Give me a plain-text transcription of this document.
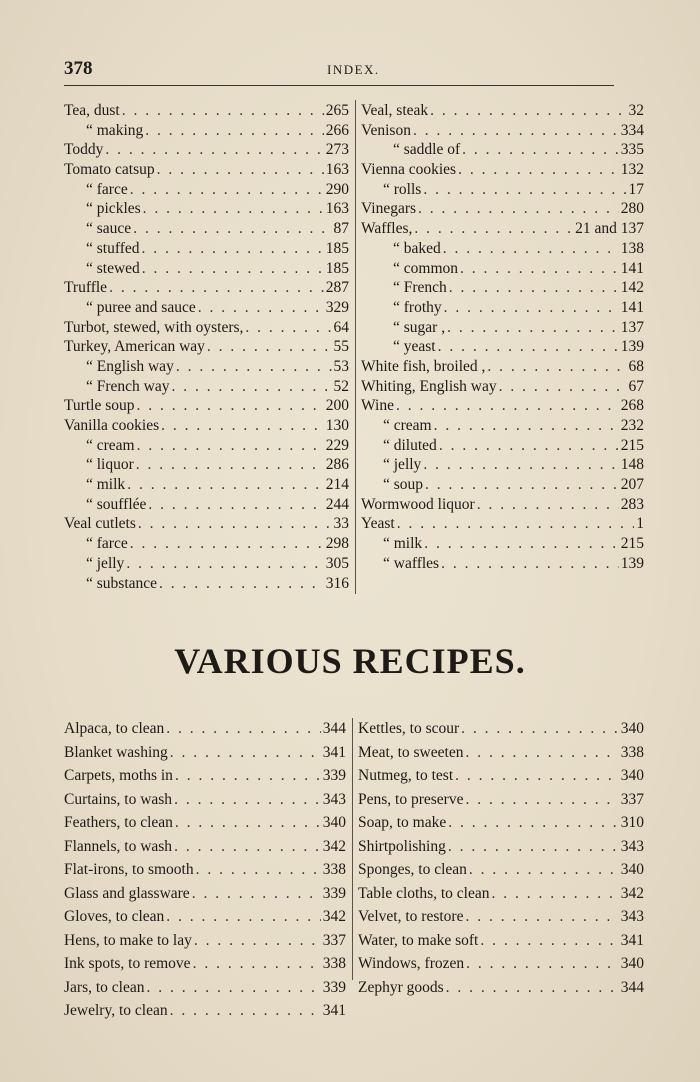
378	INDEX.
Tea, dust . . .	265
“ making . . .	266
Toddy . . .	273
Tomato catsup . . .	163
“ farce . . .	290
“ pickles . . .	163
“ sauce . . .	87
“ stuffed . . .	185
“ stewed . . .	185
Truffle . . .	287
“ puree and sauce . . .	329
Turbot, stewed, with oysters, . . .	64
Turkey, American way . . .	55
“ English way . . .	53
“ French way . . .	52
Turtle soup . . .	200
Vanilla cookies . . .	130
“ cream . . .	229
“ liquor . . .	286
“ milk . . .	214
“ soufflée . . .	244
Veal cutlets . . .	33
“ farce . . .	298
“ jelly . . .	305
“ substance . . .	316
Veal, steak . . .	32
Venison . . .	334
“ saddle of . . .	335
Vienna cookies . . .	132
“ rolls . . .	17
Vinegars . . .	280
Waffles, . . .	21 and 137
“ baked . . .	138
“ common . . .	141
“ French . . .	142
“ frothy . . .	141
“ sugar , . . .	137
“ yeast . . .	139
White fish, broiled , . . .	68
Whiting, English way . . .	67
Wine . . .	268
“ cream . . .	232
“ diluted . . .	215
“ jelly . . .	148
“ soup . . .	207
Wormwood liquor . . .	283
Yeast . . .	1
“ milk . . .	215
“ waffles . . .	139
VARIOUS RECIPES.
Alpaca, to clean . . .	344
Blanket washing . . .	341
Carpets, moths in . . .	339
Curtains, to wash . . .	343
Feathers, to clean . . .	340
Flannels, to wash . . .	342
Flat-irons, to smooth . . .	338
Glass and glassware . . .	339
Gloves, to clean . . .	342
Hens, to make to lay . . .	337
Ink spots, to remove . . .	338
Jars, to clean . . .	339
Jewelry, to clean . . .	341
Kettles, to scour . . .	340
Meat, to sweeten . . .	338
Nutmeg, to test . . .	340
Pens, to preserve . . .	337
Soap, to make . . .	310
Shirtpolishing . . .	343
Sponges, to clean . . .	340
Table cloths, to clean . . .	342
Velvet, to restore . . .	343
Water, to make soft . . .	341
Windows, frozen . . .	340
Zephyr goods . . .	344
